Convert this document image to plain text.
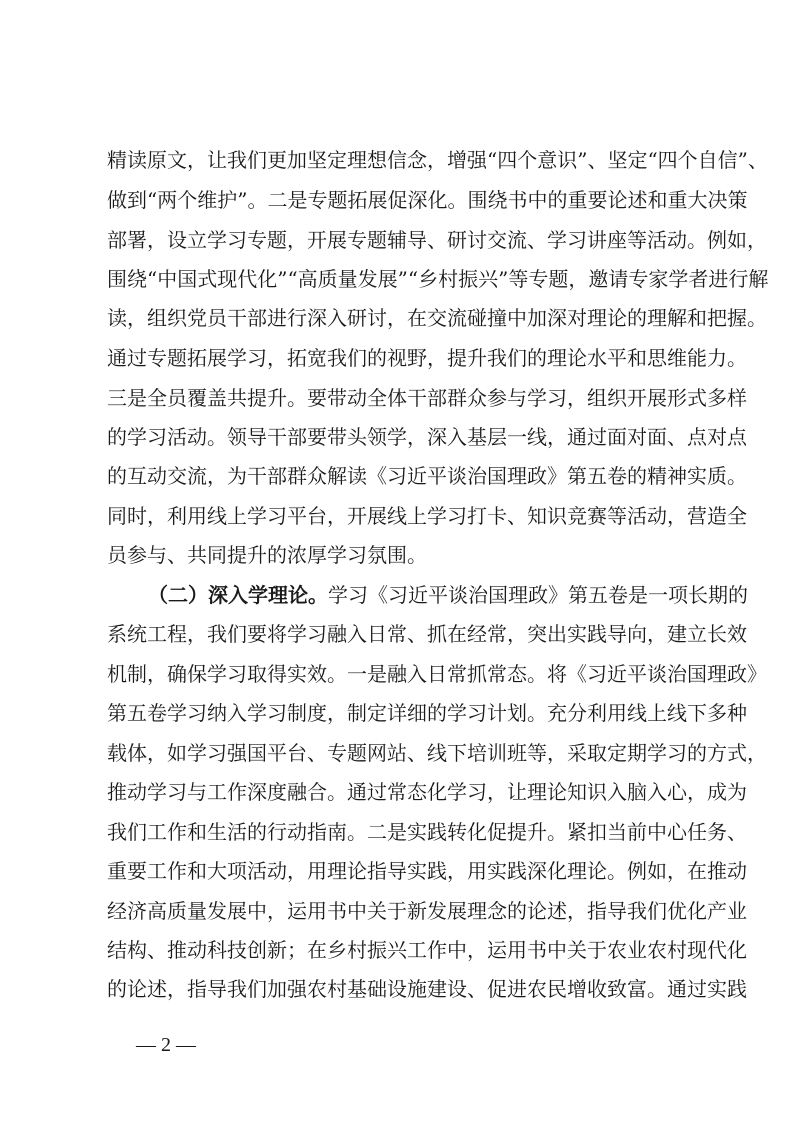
精读原文，让我们更加坚定理想信念，增强“四个意识”、坚定“四个自信”、
做到“两个维护”。二是专题拓展促深化。围绕书中的重要论述和重大决策
部署，设立学习专题，开展专题辅导、研讨交流、学习讲座等活动。例如，
围绕“中国式现代化”“高质量发展”“乡村振兴”等专题，邀请专家学者进行解
读，组织党员干部进行深入研讨，在交流碰撞中加深对理论的理解和把握。
通过专题拓展学习，拓宽我们的视野，提升我们的理论水平和思维能力。
三是全员覆盖共提升。要带动全体干部群众参与学习，组织开展形式多样
的学习活动。领导干部要带头领学，深入基层一线，通过面对面、点对点
的互动交流，为干部群众解读《习近平谈治国理政》第五卷的精神实质。
同时，利用线上学习平台，开展线上学习打卡、知识竞赛等活动，营造全
员参与、共同提升的浓厚学习氛围。
（二）深入学理论。学习《习近平谈治国理政》第五卷是一项长期的
系统工程，我们要将学习融入日常、抓在经常，突出实践导向，建立长效
机制，确保学习取得实效。一是融入日常抓常态。将《习近平谈治国理政》
第五卷学习纳入学习制度，制定详细的学习计划。充分利用线上线下多种
载体，如学习强国平台、专题网站、线下培训班等，采取定期学习的方式，
推动学习与工作深度融合。通过常态化学习，让理论知识入脑入心，成为
我们工作和生活的行动指南。二是实践转化促提升。紧扣当前中心任务、
重要工作和大项活动，用理论指导实践，用实践深化理论。例如，在推动
经济高质量发展中，运用书中关于新发展理念的论述，指导我们优化产业
结构、推动科技创新；在乡村振兴工作中，运用书中关于农业农村现代化
的论述，指导我们加强农村基础设施建设、促进农民增收致富。通过实践
— 2 —
